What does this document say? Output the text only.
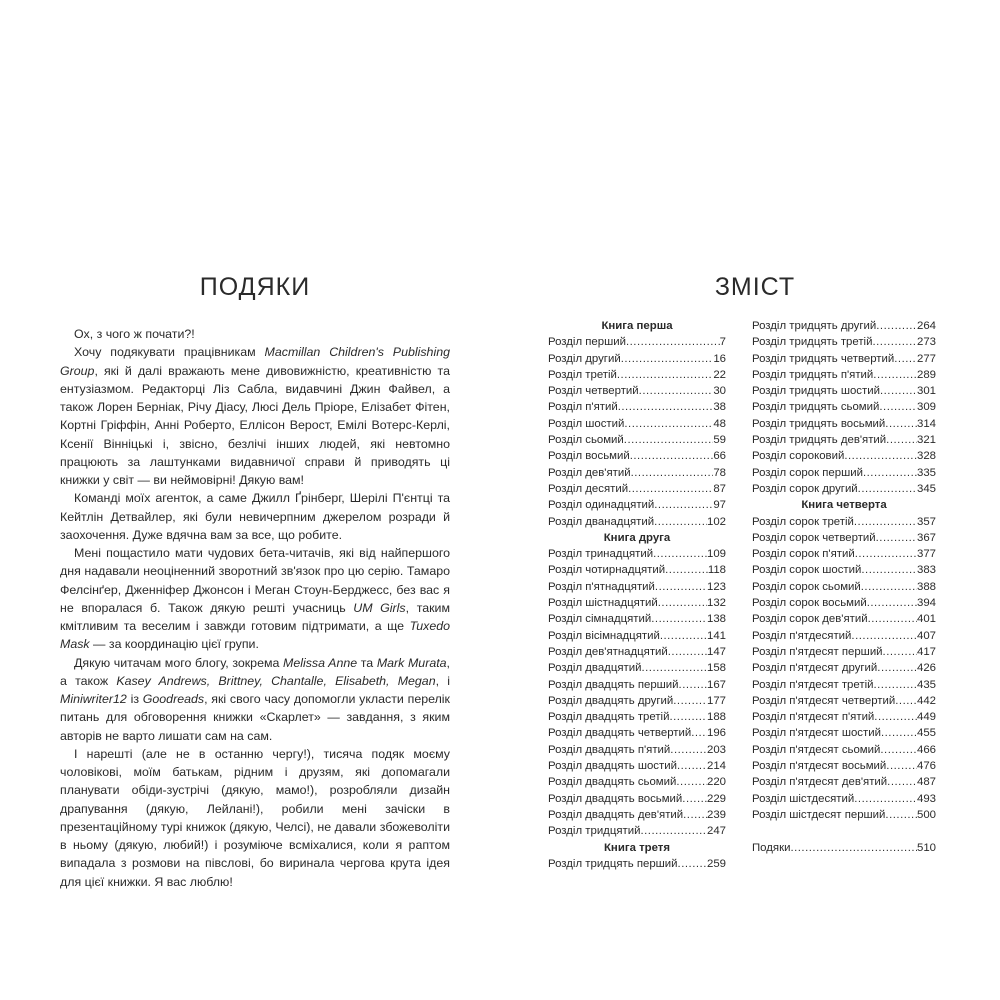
ПОДЯКИ

Ох, з чого ж почати?!

Хочу подякувати працівникам Macmillan Children's Publishing Group, які й далі вражають мене дивовижністю, креативністю та ентузіазмом. Редакторці Ліз Сабла, видавчині Джин Файвел, а також Лорен Берніак, Річу Діасу, Люсі Дель Пріоре, Елізабет Фітен, Кортні Гріффін, Анні Роберто, Еллісон Верост, Емілі Вотерс-Керлі, Ксенії Вінніцькі і, звісно, безлічі інших людей, які невтомно працюють за лаштунками видавничої справи й приводять ці книжки у світ — ви неймовірні! Дякую вам!

Команді моїх агенток, а саме Джилл Ґрінберг, Шерілі П'єнтці та Кейтлін Детвайлер, які були невичерпним джерелом розради й заохочення. Дуже вдячна вам за все, що робите.

Мені пощастило мати чудових бета-читачів, які від найпершого дня надавали неоціненний зворотний зв'язок про цю серію. Тамаро Фелсінґер, Дженніфер Джонсон і Меган Стоун-Берджесс, без вас я не впоралася б. Також дякую решті учасниць UM Girls, таким кмітливим та веселим і завжди готовим підтримати, а ще Tuxedo Mask — за координацію цієї групи.

Дякую читачам мого блогу, зокрема Melissa Anne та Mark Murata, а також Kasey Andrews, Brittney, Chantalle, Elisabeth, Megan, і Miniwriter12 із Goodreads, які свого часу допомогли укласти перелік питань для обговорення книжки «Скарлет» — завдання, з яким авторів не варто лишати сам на сам.

І нарешті (але не в останню чергу!), тисяча подяк моєму чоловікові, моїм батькам, рідним і друзям, які допомагали планувати обіди-зустрічі (дякую, мамо!), розробляли дизайн драпування (дякую, Лейлані!), робили мені зачіски в презентаційному турі книжок (дякую, Челсі), не давали збожеволіти в ньому (дякую, любий!) і розуміюче всміхалися, коли я раптом випадала з розмови на півслові, бо виринала чергова крута ідея для цієї книжки. Я вас люблю!

ЗМІСТ
Книга перша
Розділ перший .....	7
Розділ другий .....	16
Розділ третій .....	22
Розділ четвертий .....	30
Розділ п'ятий .....	38
Розділ шостий .....	48
Розділ сьомий .....	59
Розділ восьмий .....	66
Розділ дев'ятий .....	78
Розділ десятий .....	87
Розділ одинадцятий .....	97
Розділ дванадцятий .....	102
Книга друга
Розділ тринадцятий .....	109
Розділ чотирнадцятий .....	118
Розділ п'ятнадцятий .....	123
Розділ шістнадцятий .....	132
Розділ сімнадцятий .....	138
Розділ вісімнадцятий .....	141
Розділ дев'ятнадцятий .....	147
Розділ двадцятий .....	158
Розділ двадцять перший ..... 167
Розділ двадцять другий .....	177
Розділ двадцять третій .....	188
Розділ двадцять четвертий ..... 196
Розділ двадцять п'ятий .....	203
Розділ двадцять шостий .....	214
Розділ двадцять сьомий .....	220
Розділ двадцять восьмий ..... 229
Розділ двадцять дев'ятий ..... 239
Розділ тридцятий .....	247
Книга третя
Розділ тридцять перший .....	259
Розділ тридцять другий .....	264
Розділ тридцять третій .....	273
Розділ тридцять четвертий ..... 277
Розділ тридцять п'ятий .....	289
Розділ тридцять шостий .....	301
Розділ тридцять сьомий .....	309
Розділ тридцять восьмий .....	314
Розділ тридцять дев'ятий .....	321
Розділ сороковий .....	328
Розділ сорок перший .....	335
Розділ сорок другий .....	345
Книга четверта
Розділ сорок третій .....	357
Розділ сорок четвертий .....	367
Розділ сорок п'ятий .....	377
Розділ сорок шостий .....	383
Розділ сорок сьомий .....	388
Розділ сорок восьмий .....	394
Розділ сорок дев'ятий .....	401
Розділ п'ятдесятий .....	407
Розділ п'ятдесят перший .....	417
Розділ п'ятдесят другий .....	426
Розділ п'ятдесят третій .....	435
Розділ п'ятдесят четвертий ..... 442
Розділ п'ятдесят п'ятий .....	449
Розділ п'ятдесят шостий .....	455
Розділ п'ятдесят сьомий .....	466
Розділ п'ятдесят восьмий .....	476
Розділ п'ятдесят дев'ятий .....	487
Розділ шістдесятий .....	493
Розділ шістдесят перший .....	500
Подяки .....	510
